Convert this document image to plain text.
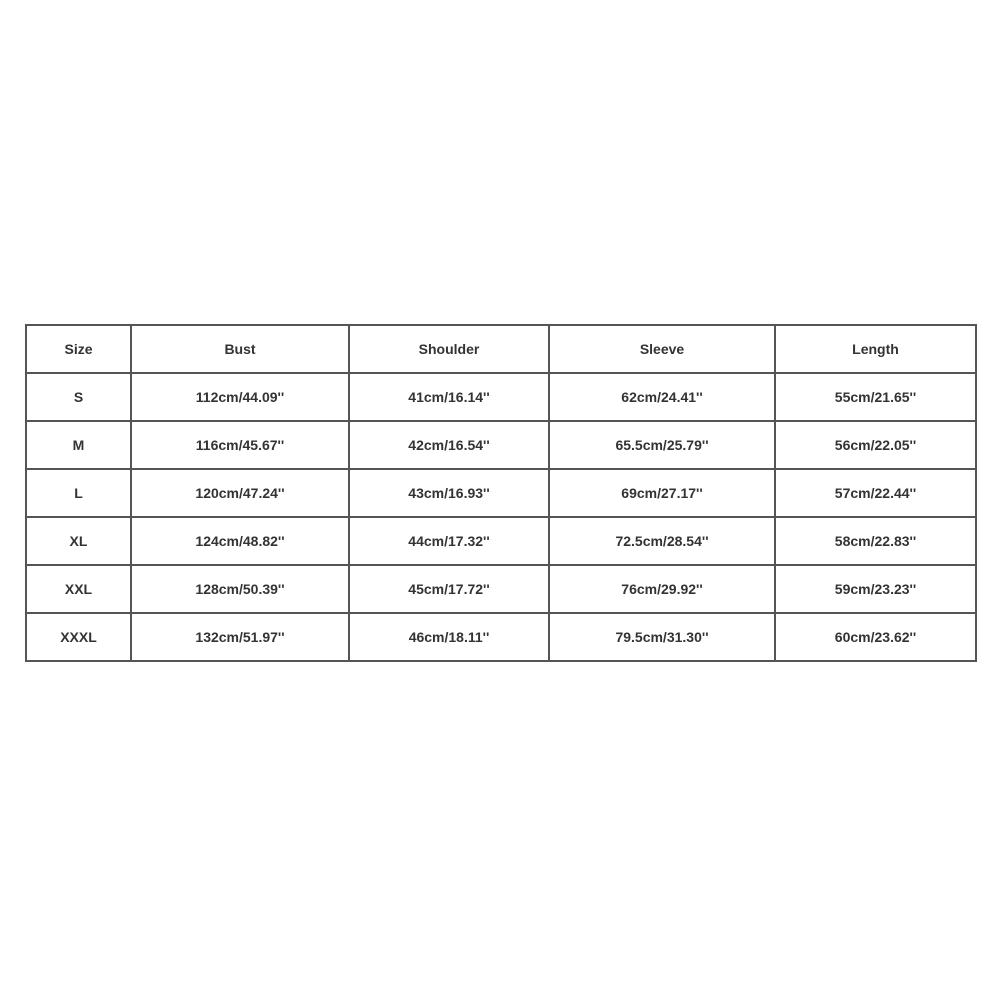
Size	Bust	Shoulder	Sleeve	Length
S	112cm/44.09''	41cm/16.14''	62cm/24.41''	55cm/21.65''
M	116cm/45.67''	42cm/16.54''	65.5cm/25.79''	56cm/22.05''
L	120cm/47.24''	43cm/16.93''	69cm/27.17''	57cm/22.44''
XL	124cm/48.82''	44cm/17.32''	72.5cm/28.54''	58cm/22.83''
XXL	128cm/50.39''	45cm/17.72''	76cm/29.92''	59cm/23.23''
XXXL	132cm/51.97''	46cm/18.11''	79.5cm/31.30''	60cm/23.62''
